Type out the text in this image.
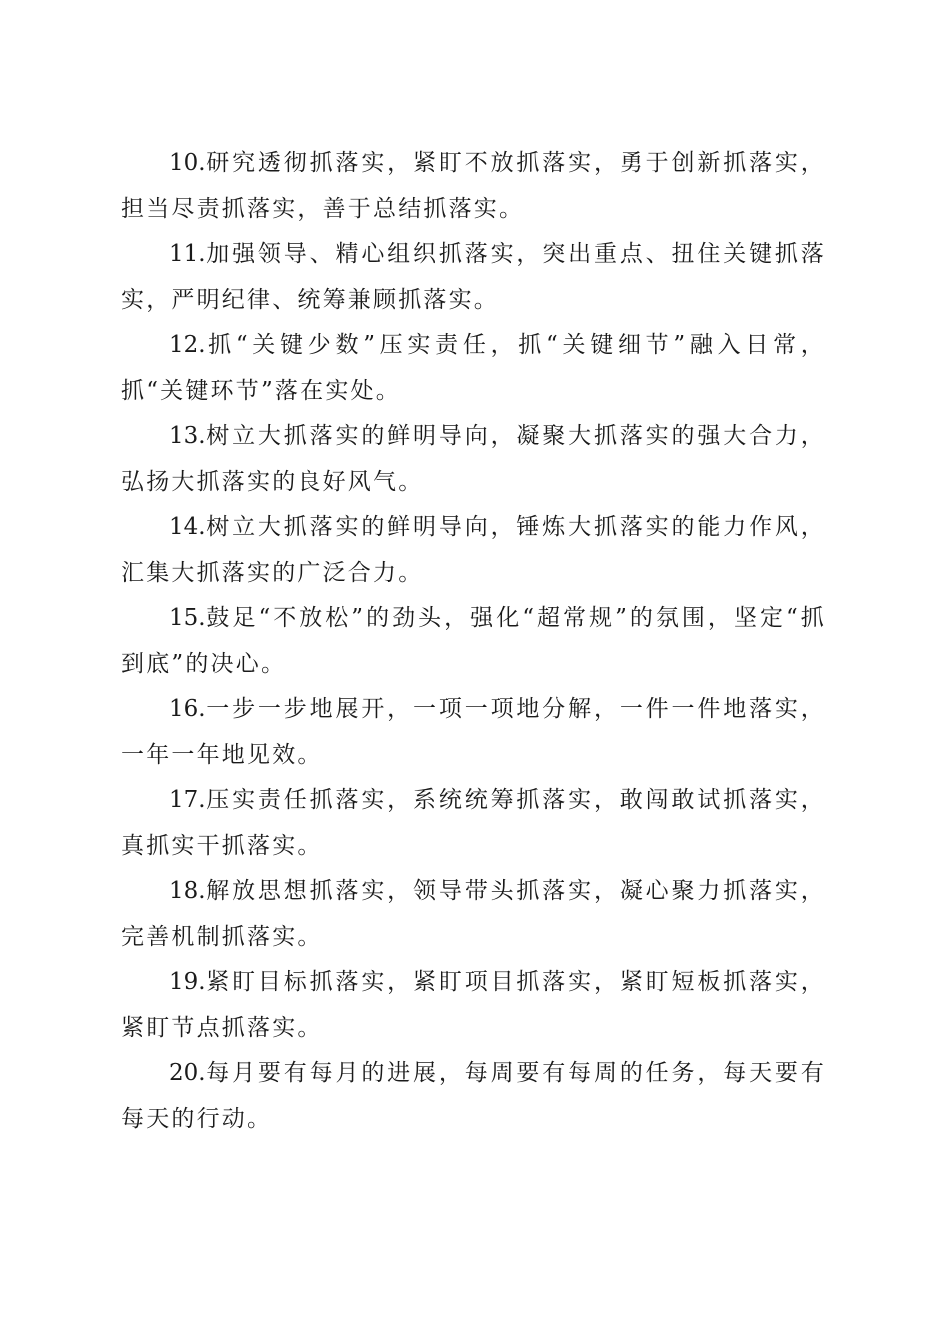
10.研究透彻抓落实，紧盯不放抓落实，勇于创新抓落实，担当尽责抓落实，善于总结抓落实。

11.加强领导、精心组织抓落实，突出重点、扭住关键抓落实，严明纪律、统筹兼顾抓落实。

12.抓“关键少数”压实责任，抓“关键细节”融入日常，抓“关键环节”落在实处。

13.树立大抓落实的鲜明导向，凝聚大抓落实的强大合力，弘扬大抓落实的良好风气。

14.树立大抓落实的鲜明导向，锤炼大抓落实的能力作风，汇集大抓落实的广泛合力。

15.鼓足“不放松”的劲头，强化“超常规”的氛围，坚定“抓到底”的决心。

16.一步一步地展开，一项一项地分解，一件一件地落实，一年一年地见效。

17.压实责任抓落实，系统统筹抓落实，敢闯敢试抓落实，真抓实干抓落实。

18.解放思想抓落实，领导带头抓落实，凝心聚力抓落实，完善机制抓落实。

19.紧盯目标抓落实，紧盯项目抓落实，紧盯短板抓落实，紧盯节点抓落实。

20.每月要有每月的进展，每周要有每周的任务，每天要有每天的行动。
